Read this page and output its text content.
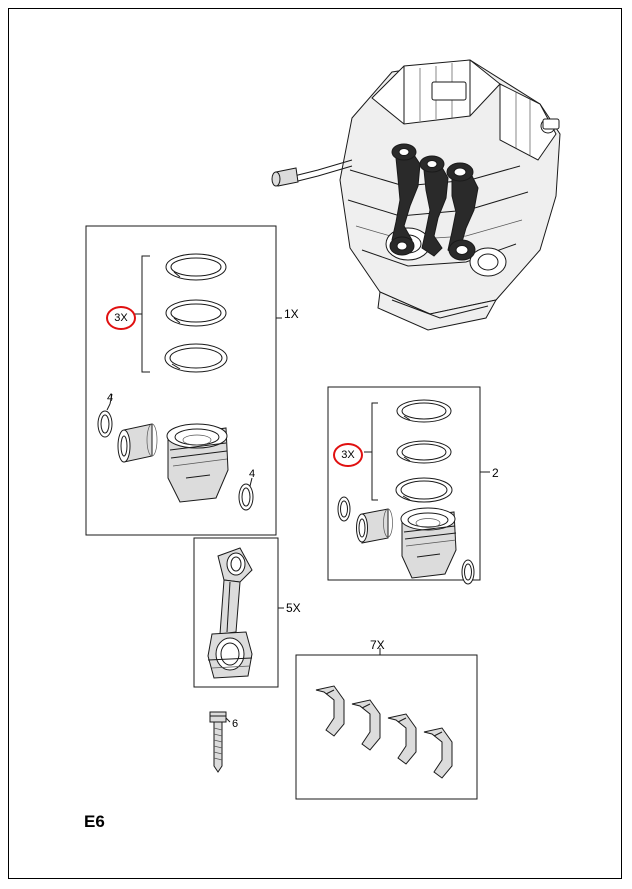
1X
2
4
4
5X
6
7X
3X
3X
E6
